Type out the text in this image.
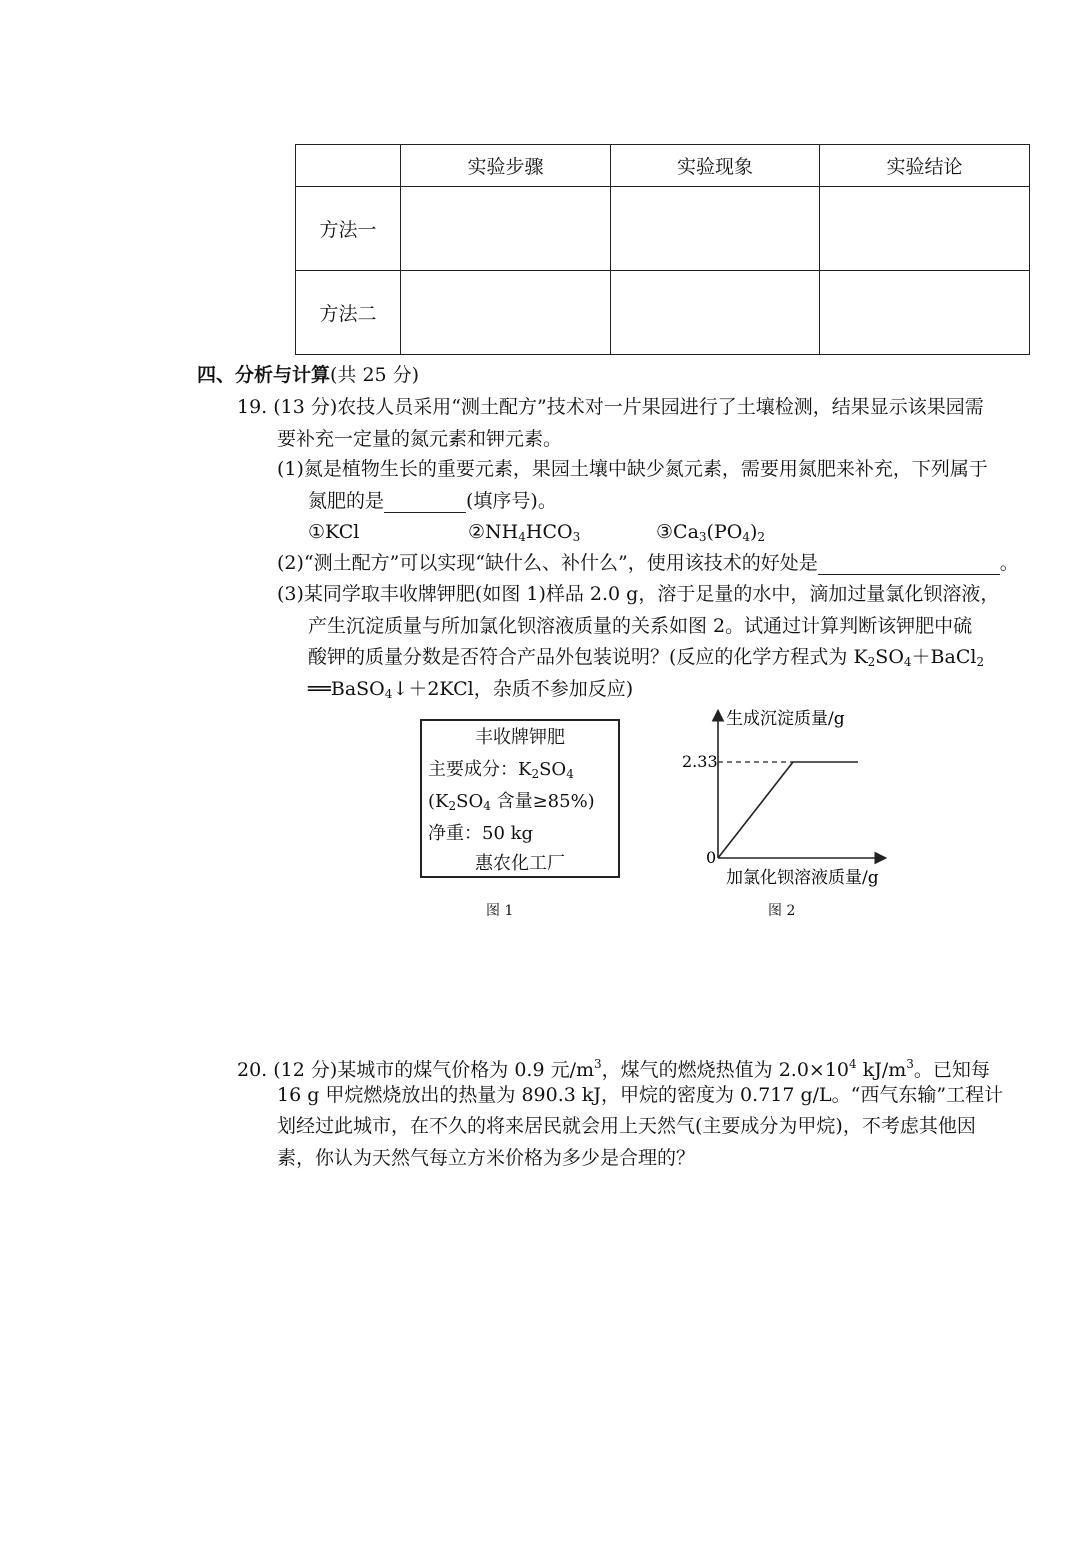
	实验步骤	实验现象	实验结论
方法一			
方法二			
四、分析与计算(共 25 分)
19. (13 分)农技人员采用“测土配方”技术对一片果园进行了土壤检测，结果显示该果园需
要补充一定量的氮元素和钾元素。
(1)氮是植物生长的重要元素，果园土壤中缺少氮元素，需要用氮肥来补充，下列属于
氮肥的是	(填序号)。
①KCl	$②NH_4HCO_3$	$③Ca_3(PO_4)_2$
(2)“测土配方”可以实现“缺什么、补什么”，使用该技术的好处是	。
(3)某同学取丰收牌钾肥(如图 1)样品 2.0 g，溶于足量的水中，滴加过量氯化钡溶液，
产生沉淀质量与所加氯化钡溶液质量的关系如图 2。试通过计算判断该钾肥中硫
酸钾的质量分数是否符合产品外包装说明？(反应的化学方程式为 $K_2SO_4+BaCl_2$
══BaSO$_4$↓＋2KCl，杂质不参加反应)
丰收牌钾肥
主要成分：$K_2SO_4$
($K_2SO_4$ 含量≥85%)
净重：50 kg
惠农化工厂
图 1
生成沉淀质量/g
2.33
0
加氯化钡溶液质量/g
图 2
20. (12 分)某城市的煤气价格为 0.9 元$/m^3$，煤气的燃烧热值为 $2.0\times 10^4$ $kJ/m^3$。已知每
16 g 甲烷燃烧放出的热量为 890.3 kJ，甲烷的密度为 0.717 g/L。“西气东输”工程计
划经过此城市，在不久的将来居民就会用上天然气(主要成分为甲烷)，不考虑其他因
素，你认为天然气每立方米价格为多少是合理的？
